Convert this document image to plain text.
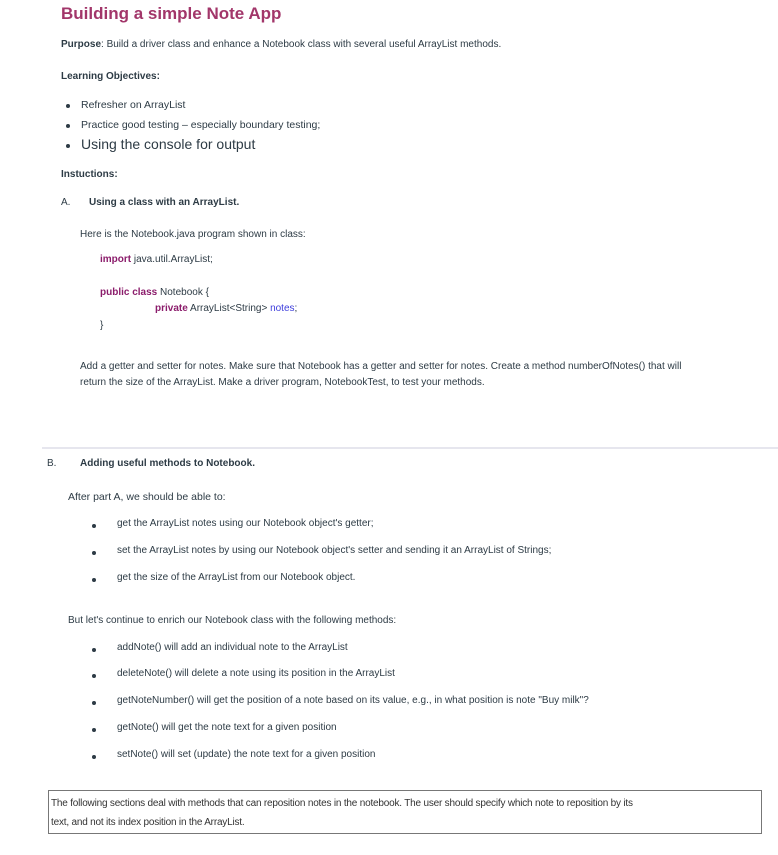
Building a simple Note App
Purpose: Build a driver class and enhance a Notebook class with several useful ArrayList methods.
Learning Objectives:
Refresher on ArrayList
Practice good testing – especially boundary testing;
Using the console for output
Instuctions:
A. Using a class with an ArrayList.
Here is the Notebook.java program shown in class:
import java.util.ArrayList;
public class Notebook {
private ArrayList<String> notes;
}
Add a getter and setter for notes. Make sure that Notebook has a getter and setter for notes. Create a method numberOfNotes() that will
return the size of the ArrayList. Make a driver program, NotebookTest, to test your methods.
B. Adding useful methods to Notebook.
After part A, we should be able to:
get the ArrayList notes using our Notebook object's getter;
set the ArrayList notes by using our Notebook object's setter and sending it an ArrayList of Strings;
get the size of the ArrayList from our Notebook object.
But let's continue to enrich our Notebook class with the following methods:
addNote() will add an individual note to the ArrayList
deleteNote() will delete a note using its position in the ArrayList
getNoteNumber() will get the position of a note based on its value, e.g., in what position is note "Buy milk"?
getNote() will get the note text for a given position
setNote() will set (update) the note text for a given position
The following sections deal with methods that can reposition notes in the notebook. The user should specify which note to reposition by its
text, and not its index position in the ArrayList.
